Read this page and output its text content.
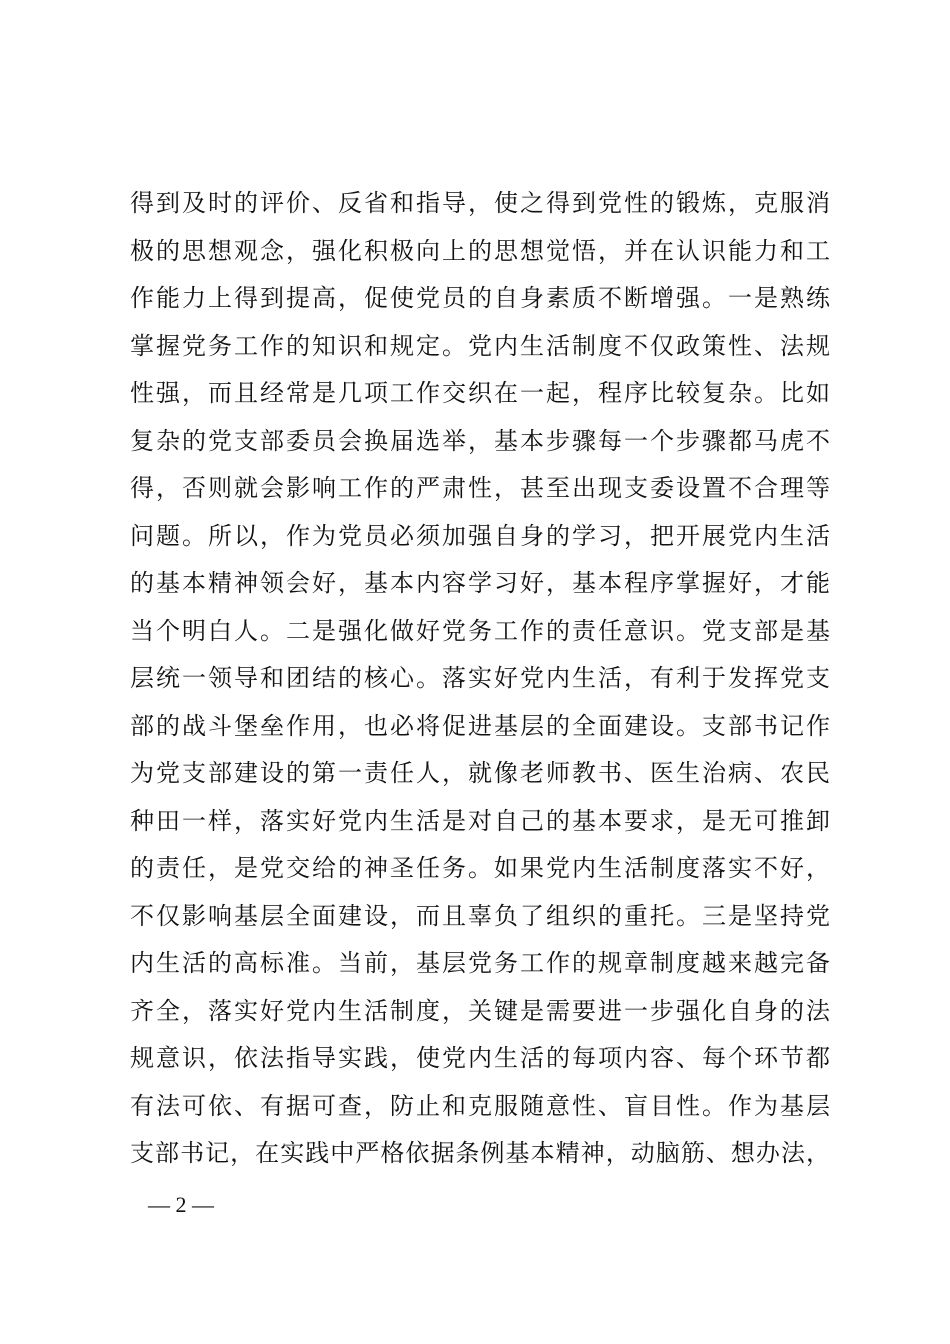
得到及时的评价、反省和指导，使之得到党性的锻炼，克服消
极的思想观念，强化积极向上的思想觉悟，并在认识能力和工
作能力上得到提高，促使党员的自身素质不断增强。一是熟练
掌握党务工作的知识和规定。党内生活制度不仅政策性、法规
性强，而且经常是几项工作交织在一起，程序比较复杂。比如
复杂的党支部委员会换届选举，基本步骤每一个步骤都马虎不
得，否则就会影响工作的严肃性，甚至出现支委设置不合理等
问题。所以，作为党员必须加强自身的学习，把开展党内生活
的基本精神领会好，基本内容学习好，基本程序掌握好，才能
当个明白人。二是强化做好党务工作的责任意识。党支部是基
层统一领导和团结的核心。落实好党内生活，有利于发挥党支
部的战斗堡垒作用，也必将促进基层的全面建设。支部书记作
为党支部建设的第一责任人，就像老师教书、医生治病、农民
种田一样，落实好党内生活是对自己的基本要求，是无可推卸
的责任，是党交给的神圣任务。如果党内生活制度落实不好，
不仅影响基层全面建设，而且辜负了组织的重托。三是坚持党
内生活的高标准。当前，基层党务工作的规章制度越来越完备
齐全，落实好党内生活制度，关键是需要进一步强化自身的法
规意识，依法指导实践，使党内生活的每项内容、每个环节都
有法可依、有据可查，防止和克服随意性、盲目性。作为基层
支部书记，在实践中严格依据条例基本精神，动脑筋、想办法，
— 2 —
